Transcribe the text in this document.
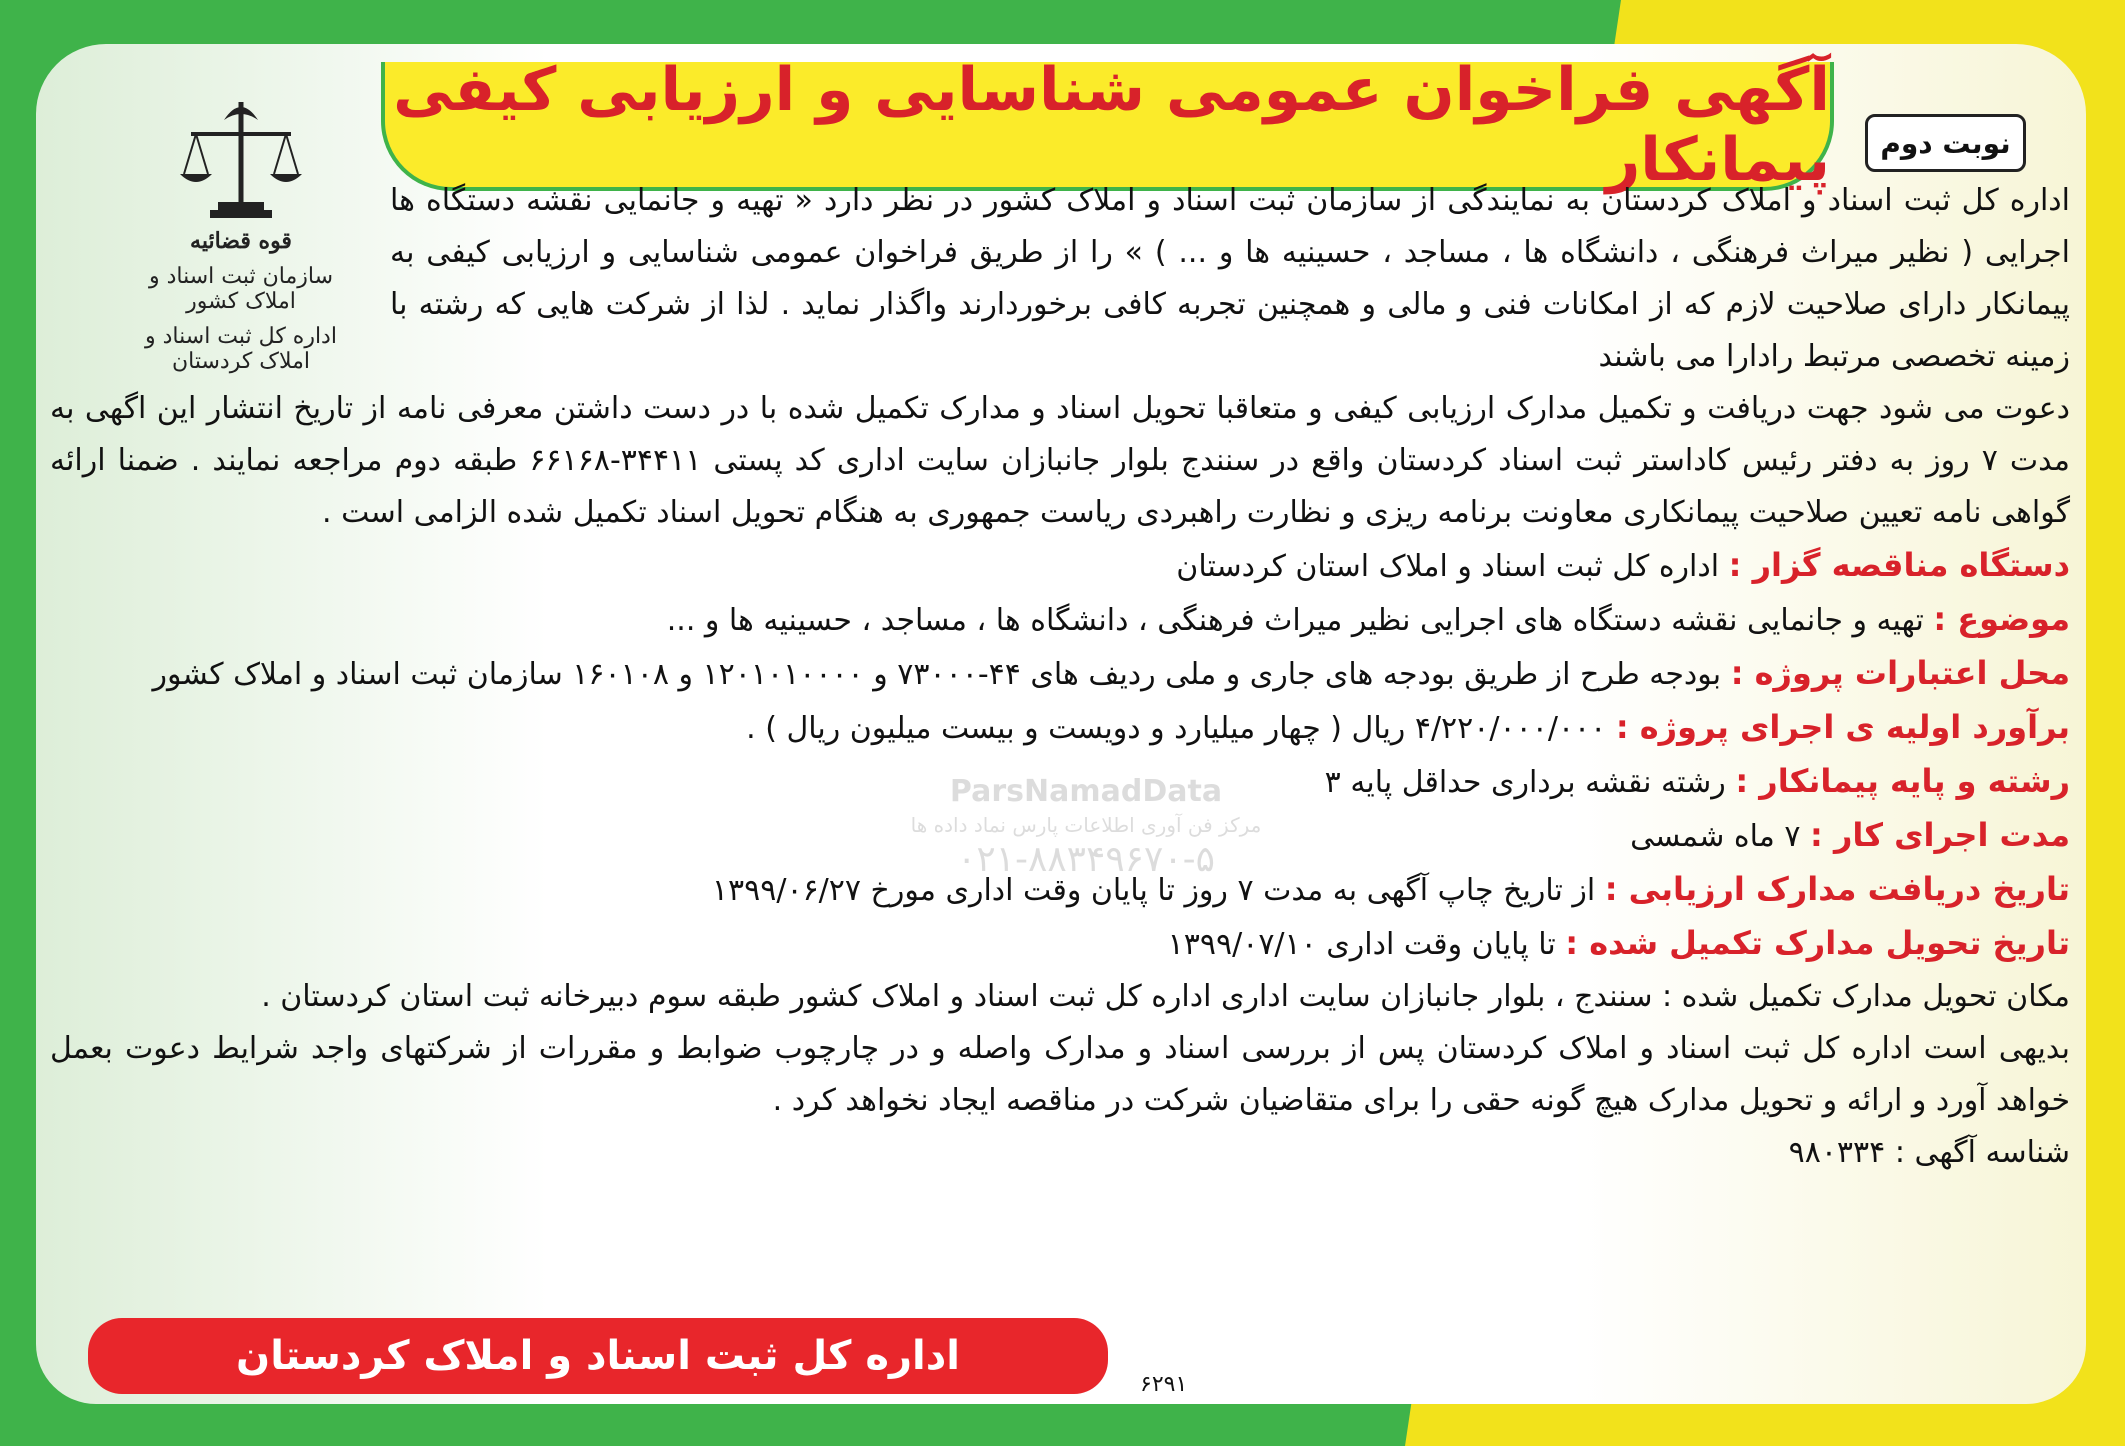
آگهی فراخوان عمومی شناسایی و ارزیابی کیفی پیمانکار	نوبت دوم
قوه قضائیه
سازمان ثبت اسناد و املاک کشور
اداره کل ثبت اسناد و املاک کردستان
ParsNamadData
مرکز فن آوری اطلاعات پارس نماد داده ها
۰۲۱-۸۸۳۴۹۶۷۰-۵

اداره کل ثبت اسناد و املاک کردستان به نمایندگی از سازمان ثبت اسناد و املاک کشور در نظر دارد « تهیه و جانمایی نقشه دستگاه ها اجرایی ( نظیر میراث فرهنگی ، دانشگاه ها ، مساجد ، حسینیه ها و ... ) » را از طریق فراخوان عمومی شناسایی و ارزیابی کیفی به پیمانکار دارای صلاحیت لازم که از امکانات فنی و مالی و همچنین تجربه کافی برخوردارند واگذار نماید . لذا از شرکت هایی که رشته با زمینه تخصصی مرتبط رادارا می باشند

دعوت می شود جهت دریافت و تکمیل مدارک ارزیابی کیفی و متعاقبا تحویل اسناد و مدارک تکمیل شده با در دست داشتن معرفی نامه از تاریخ انتشار این اگهی به مدت ۷ روز به دفتر رئیس کاداستر ثبت اسناد کردستان واقع در سنندج بلوار جانبازان سایت اداری کد پستی ۳۴۴۱۱-۶۶۱۶۸ طبقه دوم مراجعه نمایند . ضمنا ارائه گواهی نامه تعیین صلاحیت پیمانکاری معاونت برنامه ریزی و نظارت راهبردی ریاست جمهوری به هنگام تحویل اسناد تکمیل شده الزامی است .

دستگاه مناقصه گزار : اداره کل ثبت اسناد و املاک استان کردستان

موضوع : تهیه و جانمایی نقشه دستگاه های اجرایی نظیر میراث فرهنگی ، دانشگاه ها ، مساجد ، حسینیه ها و ...

محل اعتبارات پروژه : بودجه طرح از طریق بودجه های جاری و ملی ردیف های ۴۴-۷۳۰۰۰ و ۱۲۰۱۰۱۰۰۰۰ و ۱۶۰۱۰۸ سازمان ثبت اسناد و املاک کشور

برآورد اولیه ی اجرای پروژه : ۴/۲۲۰/۰۰۰/۰۰۰ ریال ( چهار میلیارد و دویست و بیست میلیون ریال ) .

رشته و پایه پیمانکار : رشته نقشه برداری حداقل پایه ۳

مدت اجرای کار : ۷ ماه شمسی

تاریخ دریافت مدارک ارزیابی : از تاریخ چاپ آگهی به مدت ۷ روز تا پایان وقت اداری مورخ ۱۳۹۹/۰۶/۲۷

تاریخ تحویل مدارک تکمیل شده : تا پایان وقت اداری ۱۳۹۹/۰۷/۱۰

مکان تحویل مدارک تکمیل شده : سنندج ، بلوار جانبازان سایت اداری اداره کل ثبت اسناد و املاک کشور طبقه سوم دبیرخانه ثبت استان کردستان .

بدیهی است اداره کل ثبت اسناد و املاک کردستان پس از بررسی اسناد و مدارک واصله و در چارچوب ضوابط و مقررات از شرکتهای واجد شرایط دعوت بعمل خواهد آورد و ارائه و تحویل مدارک هیچ گونه حقی را برای متقاضیان شرکت در مناقصه ایجاد نخواهد کرد .

شناسه آگهی : ۹۸۰۳۳۴

اداره کل ثبت اسناد و املاک کردستان
۶۲۹۱
